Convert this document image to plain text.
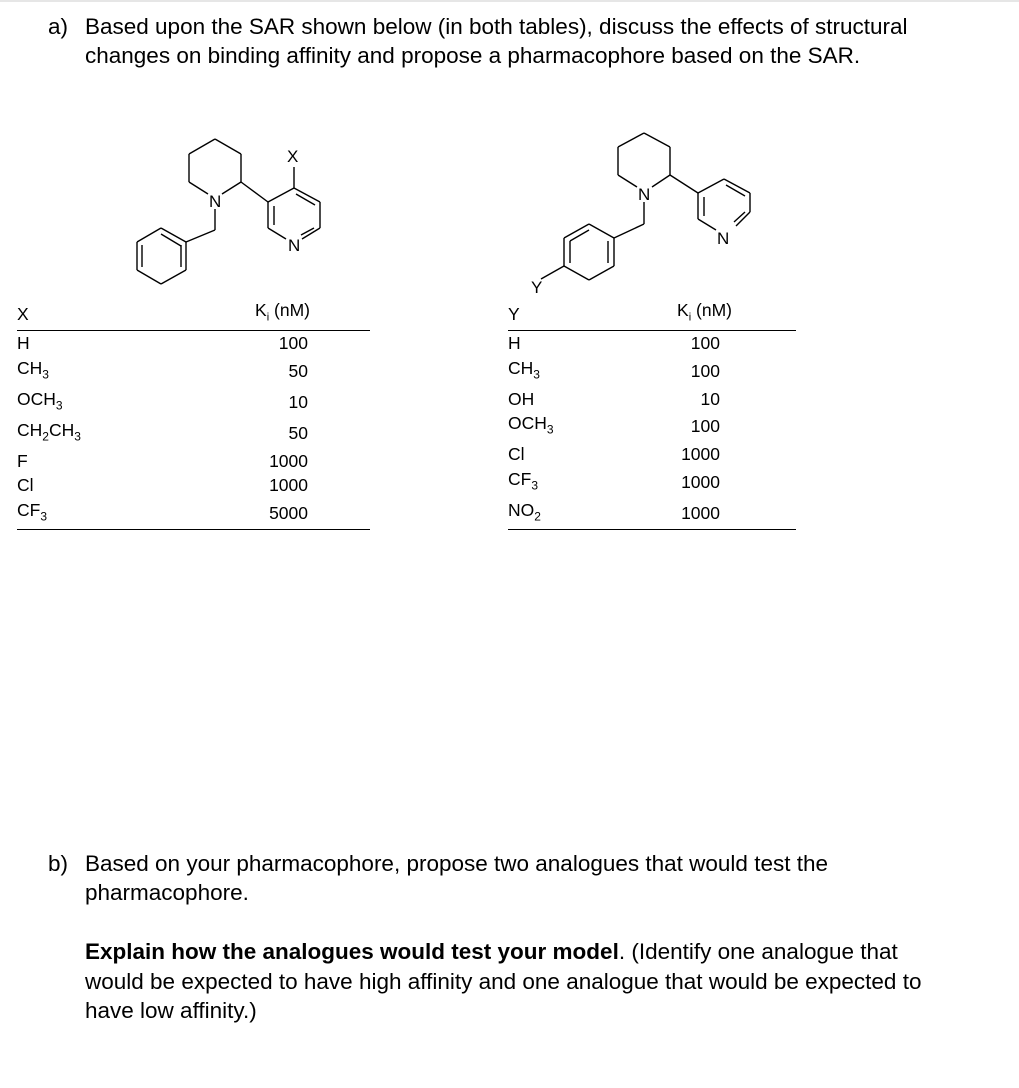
a) Based upon the SAR shown below (in both tables), discuss the effects of structural changes on binding affinity and propose a pharmacophore based on the SAR.
N
N
X
N
Y
N
X	$K_i$ (nM)
H	100
$CH_3$	50
$OCH_3$	10
$CH_2CH_3$	50
F	1000
Cl	1000
$CF_3$	5000
Y	$K_i$ (nM)
H	100
$CH_3$	100
OH	10
$OCH_3$	100
Cl	1000
$CF_3$	1000
$NO_2$	1000
b) Based on your pharmacophore, propose two analogues that would test the pharmacophore.
Explain how the analogues would test your model. (Identify one analogue that would be expected to have high affinity and one analogue that would be expected to have low affinity.)
